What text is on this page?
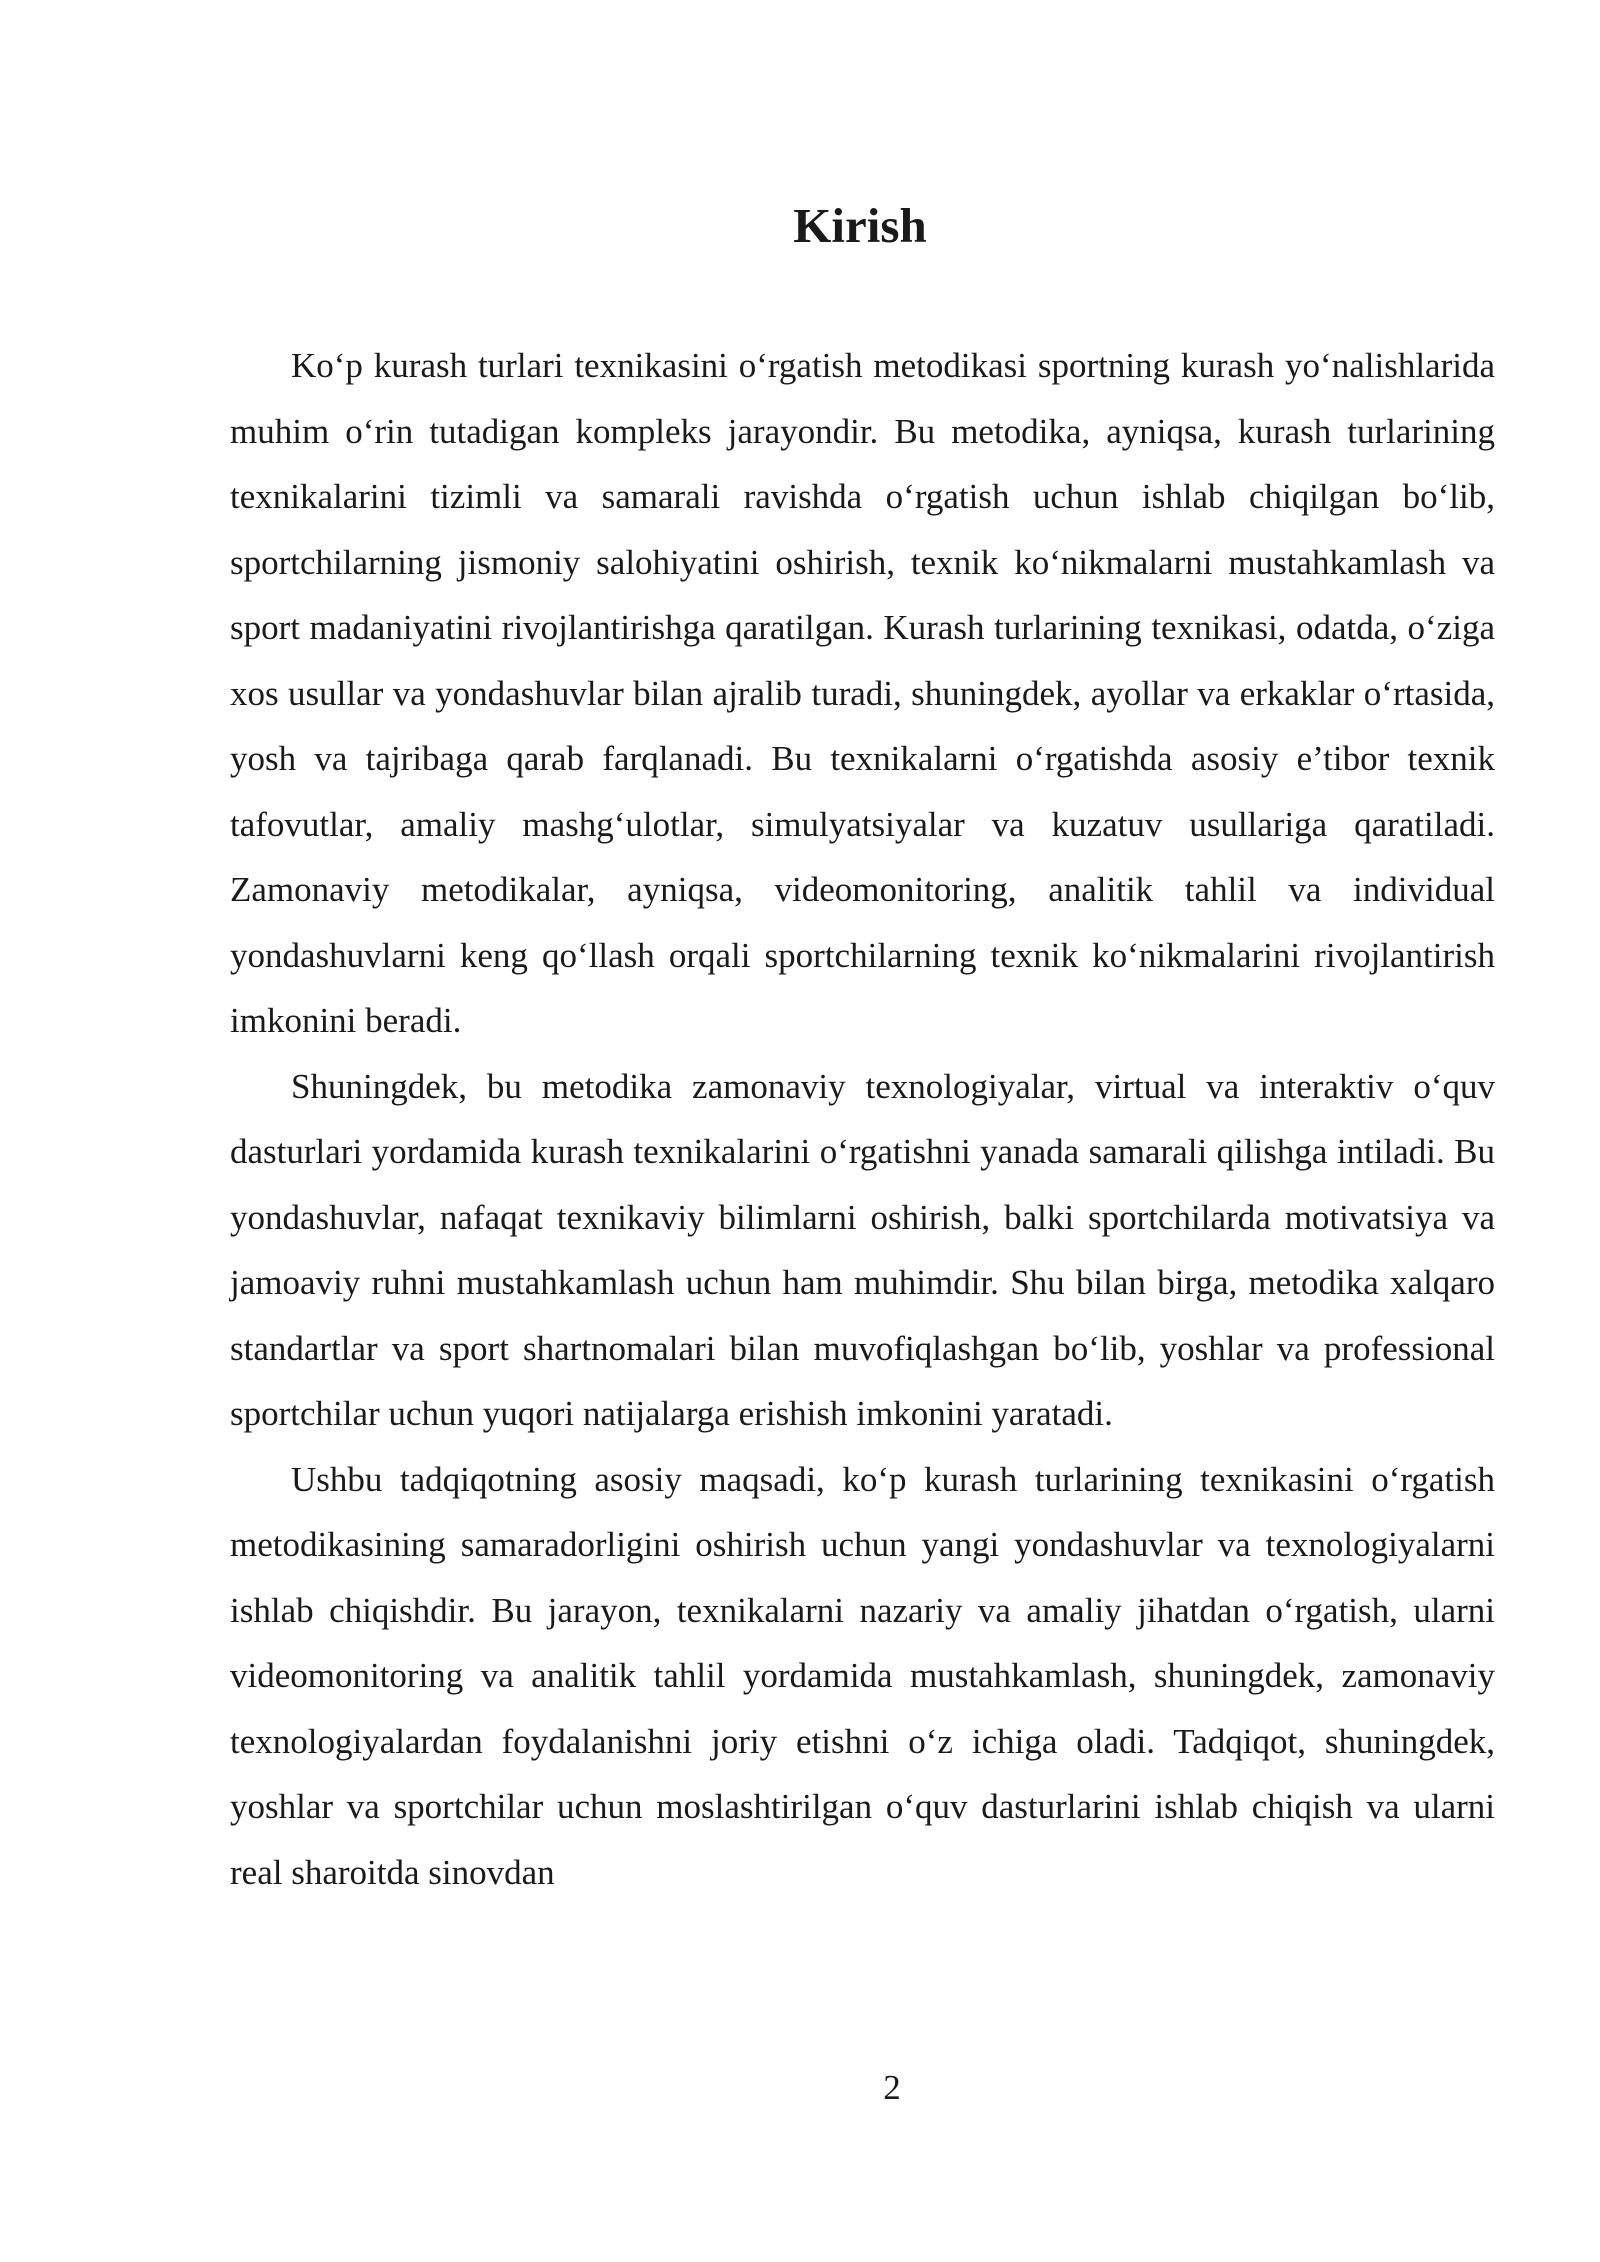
Kirish

Ko‘p kurash turlari texnikasini o‘rgatish metodikasi sportning kurash yo‘nalishlarida muhim o‘rin tutadigan kompleks jarayondir. Bu metodika, ayniqsa, kurash turlarining texnikalarini tizimli va samarali ravishda o‘rgatish uchun ishlab chiqilgan bo‘lib, sportchilarning jismoniy salohiyatini oshirish, texnik ko‘nikmalarni mustahkamlash va sport madaniyatini rivojlantirishga qaratilgan. Kurash turlarining texnikasi, odatda, o‘ziga xos usullar va yondashuvlar bilan ajralib turadi, shuningdek, ayollar va erkaklar o‘rtasida, yosh va tajribaga qarab farqlanadi. Bu texnikalarni o‘rgatishda asosiy e’tibor texnik tafovutlar, amaliy mashg‘ulotlar, simulyatsiyalar va kuzatuv usullariga qaratiladi. Zamonaviy metodikalar, ayniqsa, videomonitoring, analitik tahlil va individual yondashuvlarni keng qo‘llash orqali sportchilarning texnik ko‘nikmalarini rivojlantirish imkonini beradi.

Shuningdek, bu metodika zamonaviy texnologiyalar, virtual va interaktiv o‘quv dasturlari yordamida kurash texnikalarini o‘rgatishni yanada samarali qilishga intiladi. Bu yondashuvlar, nafaqat texnikaviy bilimlarni oshirish, balki sportchilarda motivatsiya va jamoaviy ruhni mustahkamlash uchun ham muhimdir. Shu bilan birga, metodika xalqaro standartlar va sport shartnomalari bilan muvofiqlashgan bo‘lib, yoshlar va professional sportchilar uchun yuqori natijalarga erishish imkonini yaratadi.

Ushbu tadqiqotning asosiy maqsadi, ko‘p kurash turlarining texnikasini o‘rgatish metodikasining samaradorligini oshirish uchun yangi yondashuvlar va texnologiyalarni ishlab chiqishdir. Bu jarayon, texnikalarni nazariy va amaliy jihatdan o‘rgatish, ularni videomonitoring va analitik tahlil yordamida mustahkamlash, shuningdek, zamonaviy texnologiyalardan foydalanishni joriy etishni o‘z ichiga oladi. Tadqiqot, shuningdek, yoshlar va sportchilar uchun moslashtirilgan o‘quv dasturlarini ishlab chiqish va ularni real sharoitda sinovdan

2
